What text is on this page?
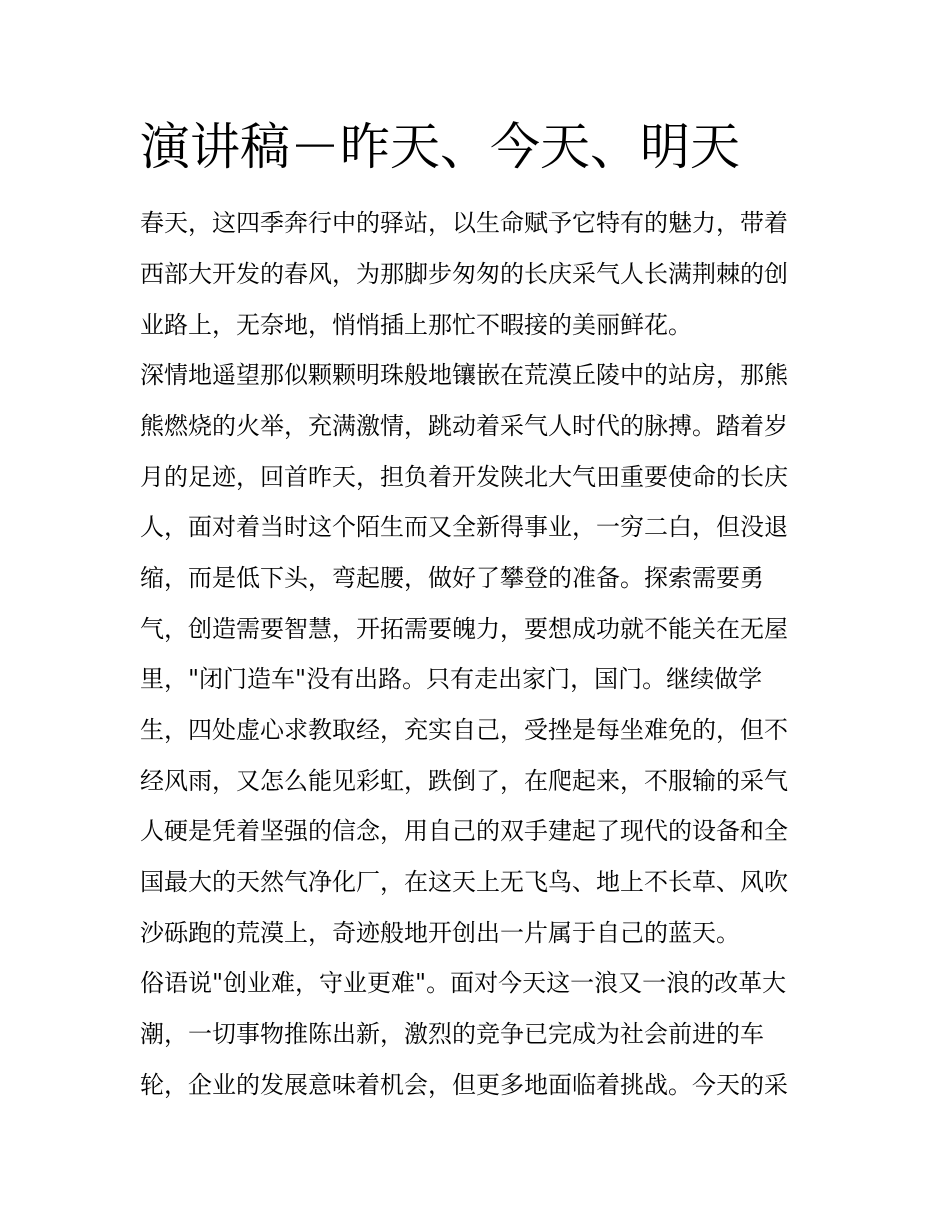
演讲稿－昨天、今天、明天

春天，这四季奔行中的驿站，以生命赋予它特有的魅力，带着

西部大开发的春风，为那脚步匆匆的长庆采气人长满荆棘的创

业路上，无奈地，悄悄插上那忙不暇接的美丽鲜花。

深情地遥望那似颗颗明珠般地镶嵌在荒漠丘陵中的站房，那熊

熊燃烧的火举，充满激情，跳动着采气人时代的脉搏。踏着岁

月的足迹，回首昨天，担负着开发陕北大气田重要使命的长庆

人，面对着当时这个陌生而又全新得事业，一穷二白，但没退

缩，而是低下头，弯起腰，做好了攀登的准备。探索需要勇

气，创造需要智慧，开拓需要魄力，要想成功就不能关在无屋

里，"闭门造车"没有出路。只有走出家门，国门。继续做学

生，四处虚心求教取经，充实自己，受挫是每坐难免的，但不

经风雨，又怎么能见彩虹，跌倒了，在爬起来，不服输的采气

人硬是凭着坚强的信念，用自己的双手建起了现代的设备和全

国最大的天然气净化厂，在这天上无飞鸟、地上不长草、风吹

沙砾跑的荒漠上，奇迹般地开创出一片属于自己的蓝天。

俗语说"创业难，守业更难"。面对今天这一浪又一浪的改革大

潮，一切事物推陈出新，激烈的竞争已完成为社会前进的车

轮，企业的发展意味着机会，但更多地面临着挑战。今天的采
